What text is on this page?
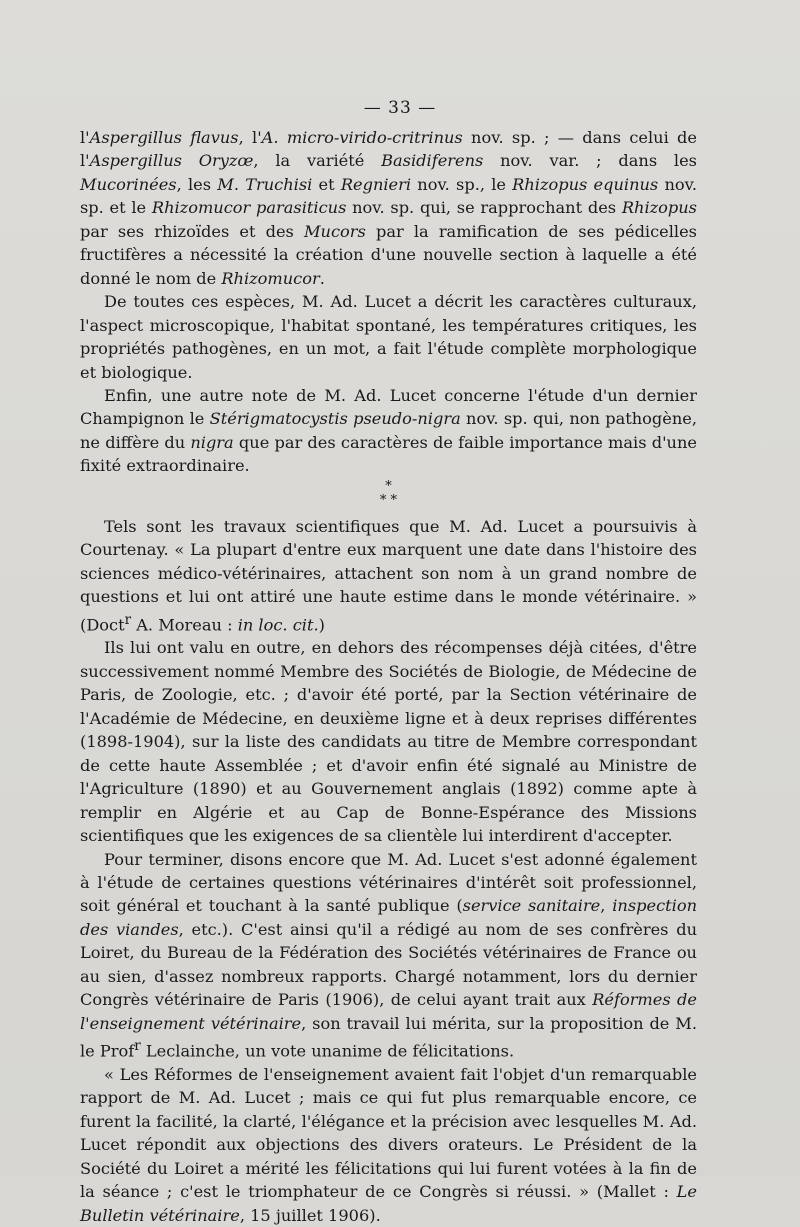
— 33 —

l'Aspergillus flavus, l'A. micro-virido-critrinus nov. sp. ; — dans celui de l'Aspergillus Oryzœ, la variété Basidiferens nov. var. ; dans les Mucorinées, les M. Truchisi et Regnieri nov. sp., le Rhizopus equinus nov. sp. et le Rhizomucor parasiticus nov. sp. qui, se rapprochant des Rhizopus par ses rhizoïdes et des Mucors par la ramification de ses pédicelles fructifères a nécessité la création d'une nouvelle section à laquelle a été donné le nom de Rhizomucor.

De toutes ces espèces, M. Ad. Lucet a décrit les caractères culturaux, l'aspect microscopique, l'habitat spontané, les températures critiques, les propriétés pathogènes, en un mot, a fait l'étude complète morphologique et biologique.

Enfin, une autre note de M. Ad. Lucet concerne l'étude d'un dernier Champignon le Stérigmatocystis pseudo-nigra nov. sp. qui, non pathogène, ne diffère du nigra que par des caractères de faible importance mais d'une fixité extraordinaire.

*
* *

Tels sont les travaux scientifiques que M. Ad. Lucet a poursuivis à Courtenay. « La plupart d'entre eux marquent une date dans l'histoire des sciences médico-vétérinaires, attachent son nom à un grand nombre de questions et lui ont attiré une haute estime dans le monde vétérinaire. » (Doct$^r$ A. Moreau : in loc. cit.)

Ils lui ont valu en outre, en dehors des récompenses déjà citées, d'être successivement nommé Membre des Sociétés de Biologie, de Médecine de Paris, de Zoologie, etc. ; d'avoir été porté, par la Section vétérinaire de l'Académie de Médecine, en deuxième ligne et à deux reprises différentes (1898-1904), sur la liste des candidats au titre de Membre correspondant de cette haute Assemblée ; et d'avoir enfin été signalé au Ministre de l'Agriculture (1890) et au Gouvernement anglais (1892) comme apte à remplir en Algérie et au Cap de Bonne-Espérance des Missions scientifiques que les exigences de sa clientèle lui interdirent d'accepter.

Pour terminer, disons encore que M. Ad. Lucet s'est adonné également à l'étude de certaines questions vétérinaires d'intérêt soit professionnel, soit général et touchant à la santé publique (service sanitaire, inspection des viandes, etc.). C'est ainsi qu'il a rédigé au nom de ses confrères du Loiret, du Bureau de la Fédération des Sociétés vétérinaires de France ou au sien, d'assez nombreux rapports. Chargé notamment, lors du dernier Congrès vétérinaire de Paris (1906), de celui ayant trait aux Réformes de l'enseignement vétérinaire, son travail lui mérita, sur la proposition de M. le Prof$^r$ Leclainche, un vote unanime de félicitations.

« Les Réformes de l'enseignement avaient fait l'objet d'un remarquable rapport de M. Ad. Lucet ; mais ce qui fut plus remarquable encore, ce furent la facilité, la clarté, l'élégance et la précision avec lesquelles M. Ad. Lucet répondit aux objections des divers orateurs. Le Président de la Société du Loiret a mérité les félicitations qui lui furent votées à la fin de la séance ; c'est le triomphateur de ce Congrès si réussi. » (Mallet : Le Bulletin vétérinaire, 15 juillet 1906).
